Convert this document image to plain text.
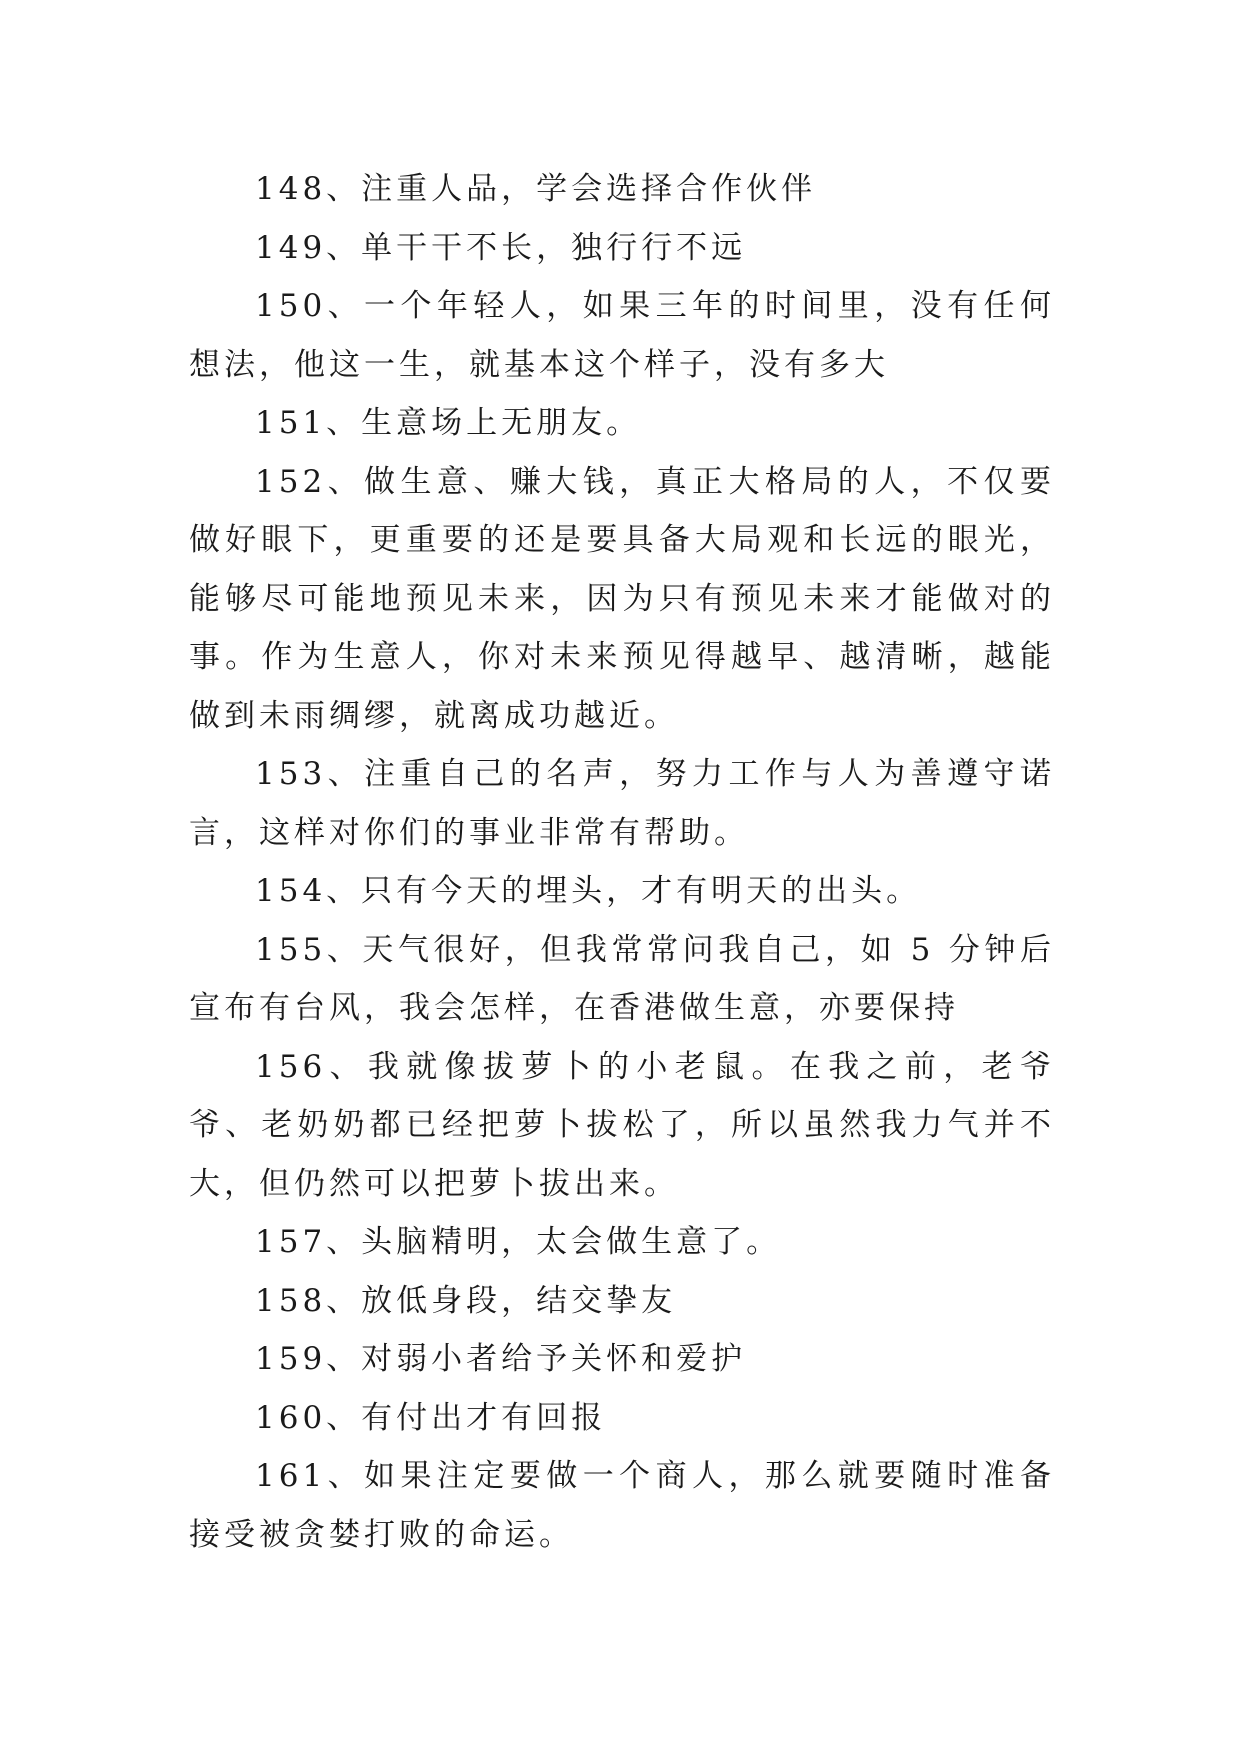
148、注重人品，学会选择合作伙伴

149、单干干不长，独行行不远

150、一个年轻人，如果三年的时间里，没有任何想法，他这一生，就基本这个样子，没有多大

151、生意场上无朋友。

152、做生意、赚大钱，真正大格局的人，不仅要做好眼下，更重要的还是要具备大局观和长远的眼光，能够尽可能地预见未来，因为只有预见未来才能做对的事。作为生意人，你对未来预见得越早、越清晰，越能做到未雨绸缪，就离成功越近。

153、注重自己的名声，努力工作与人为善遵守诺言，这样对你们的事业非常有帮助。

154、只有今天的埋头，才有明天的出头。

155、天气很好，但我常常问我自己，如 5 分钟后宣布有台风，我会怎样，在香港做生意，亦要保持

156、我就像拔萝卜的小老鼠。在我之前，老爷爷、老奶奶都已经把萝卜拔松了，所以虽然我力气并不大，但仍然可以把萝卜拔出来。

157、头脑精明，太会做生意了。

158、放低身段，结交挚友

159、对弱小者给予关怀和爱护

160、有付出才有回报

161、如果注定要做一个商人，那么就要随时准备接受被贪婪打败的命运。
